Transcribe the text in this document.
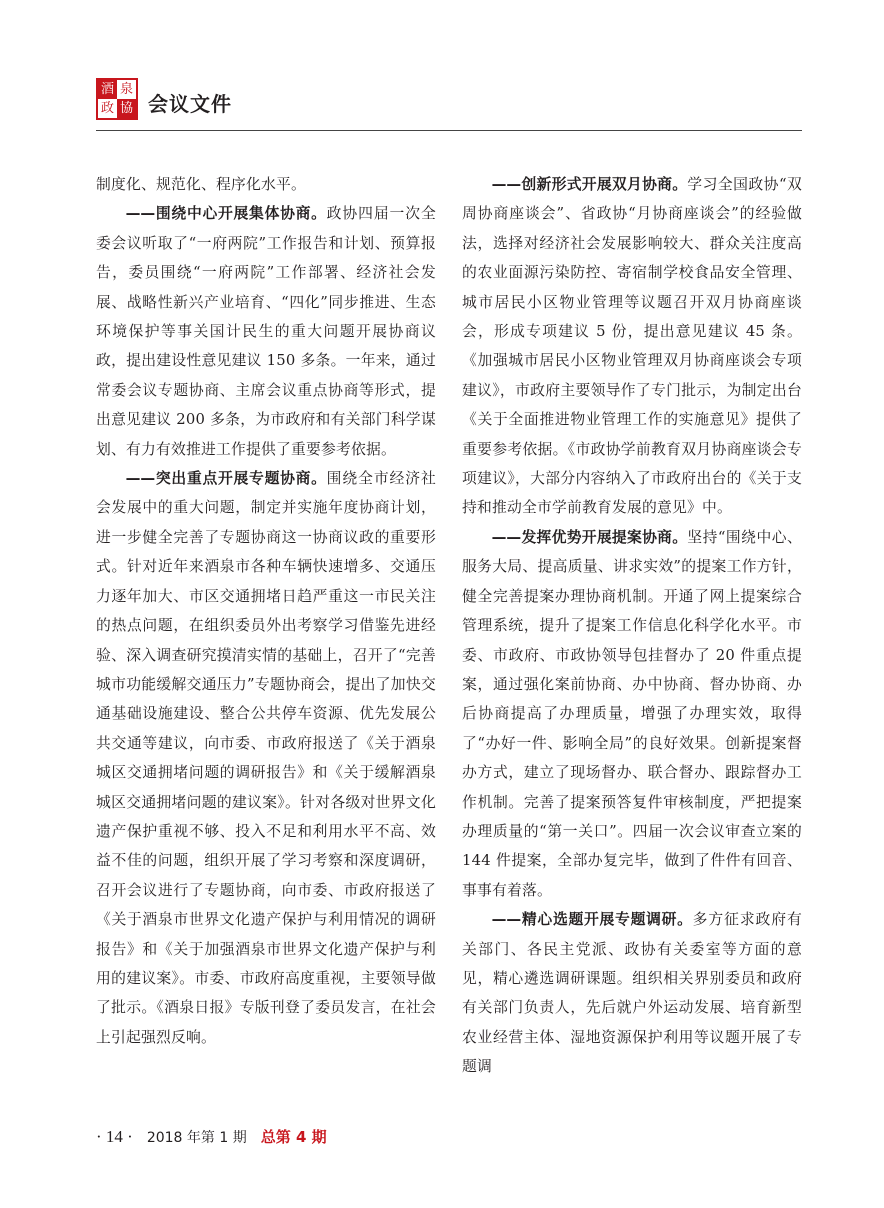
酒 泉
政 協 会议文件

制度化、规范化、程序化水平。

——围绕中心开展集体协商。政协四届一次全委会议听取了“一府两院”工作报告和计划、预算报告，委员围绕“一府两院”工作部署、经济社会发展、战略性新兴产业培育、“四化”同步推进、生态环境保护等事关国计民生的重大问题开展协商议政，提出建设性意见建议 150 多条。一年来，通过常委会议专题协商、主席会议重点协商等形式，提出意见建议 200 多条，为市政府和有关部门科学谋划、有力有效推进工作提供了重要参考依据。

——突出重点开展专题协商。围绕全市经济社会发展中的重大问题，制定并实施年度协商计划，进一步健全完善了专题协商这一协商议政的重要形式。针对近年来酒泉市各种车辆快速增多、交通压力逐年加大、市区交通拥堵日趋严重这一市民关注的热点问题，在组织委员外出考察学习借鉴先进经验、深入调查研究摸清实情的基础上，召开了“完善城市功能缓解交通压力”专题协商会，提出了加快交通基础设施建设、整合公共停车资源、优先发展公共交通等建议，向市委、市政府报送了《关于酒泉城区交通拥堵问题的调研报告》和《关于缓解酒泉城区交通拥堵问题的建议案》。针对各级对世界文化遗产保护重视不够、投入不足和利用水平不高、效益不佳的问题，组织开展了学习考察和深度调研，召开会议进行了专题协商，向市委、市政府报送了《关于酒泉市世界文化遗产保护与利用情况的调研报告》和《关于加强酒泉市世界文化遗产保护与利用的建议案》。市委、市政府高度重视，主要领导做了批示。《酒泉日报》专版刊登了委员发言，在社会上引起强烈反响。

——创新形式开展双月协商。学习全国政协“双周协商座谈会”、省政协“月协商座谈会”的经验做法，选择对经济社会发展影响较大、群众关注度高的农业面源污染防控、寄宿制学校食品安全管理、城市居民小区物业管理等议题召开双月协商座谈会，形成专项建议 5 份，提出意见建议 45 条。《加强城市居民小区物业管理双月协商座谈会专项建议》，市政府主要领导作了专门批示，为制定出台《关于全面推进物业管理工作的实施意见》提供了重要参考依据。《市政协学前教育双月协商座谈会专项建议》，大部分内容纳入了市政府出台的《关于支持和推动全市学前教育发展的意见》中。

——发挥优势开展提案协商。坚持“围绕中心、服务大局、提高质量、讲求实效”的提案工作方针，健全完善提案办理协商机制。开通了网上提案综合管理系统，提升了提案工作信息化科学化水平。市委、市政府、市政协领导包挂督办了 20 件重点提案，通过强化案前协商、办中协商、督办协商、办后协商提高了办理质量，增强了办理实效，取得了“办好一件、影响全局”的良好效果。创新提案督办方式，建立了现场督办、联合督办、跟踪督办工作机制。完善了提案预答复件审核制度，严把提案办理质量的“第一关口”。四届一次会议审查立案的 144 件提案，全部办复完毕，做到了件件有回音、事事有着落。

——精心选题开展专题调研。多方征求政府有关部门、各民主党派、政协有关委室等方面的意见，精心遴选调研课题。组织相关界别委员和政府有关部门负责人，先后就户外运动发展、培育新型农业经营主体、湿地资源保护利用等议题开展了专题调

· 14 · 2018 年第 1 期 总第 4 期
